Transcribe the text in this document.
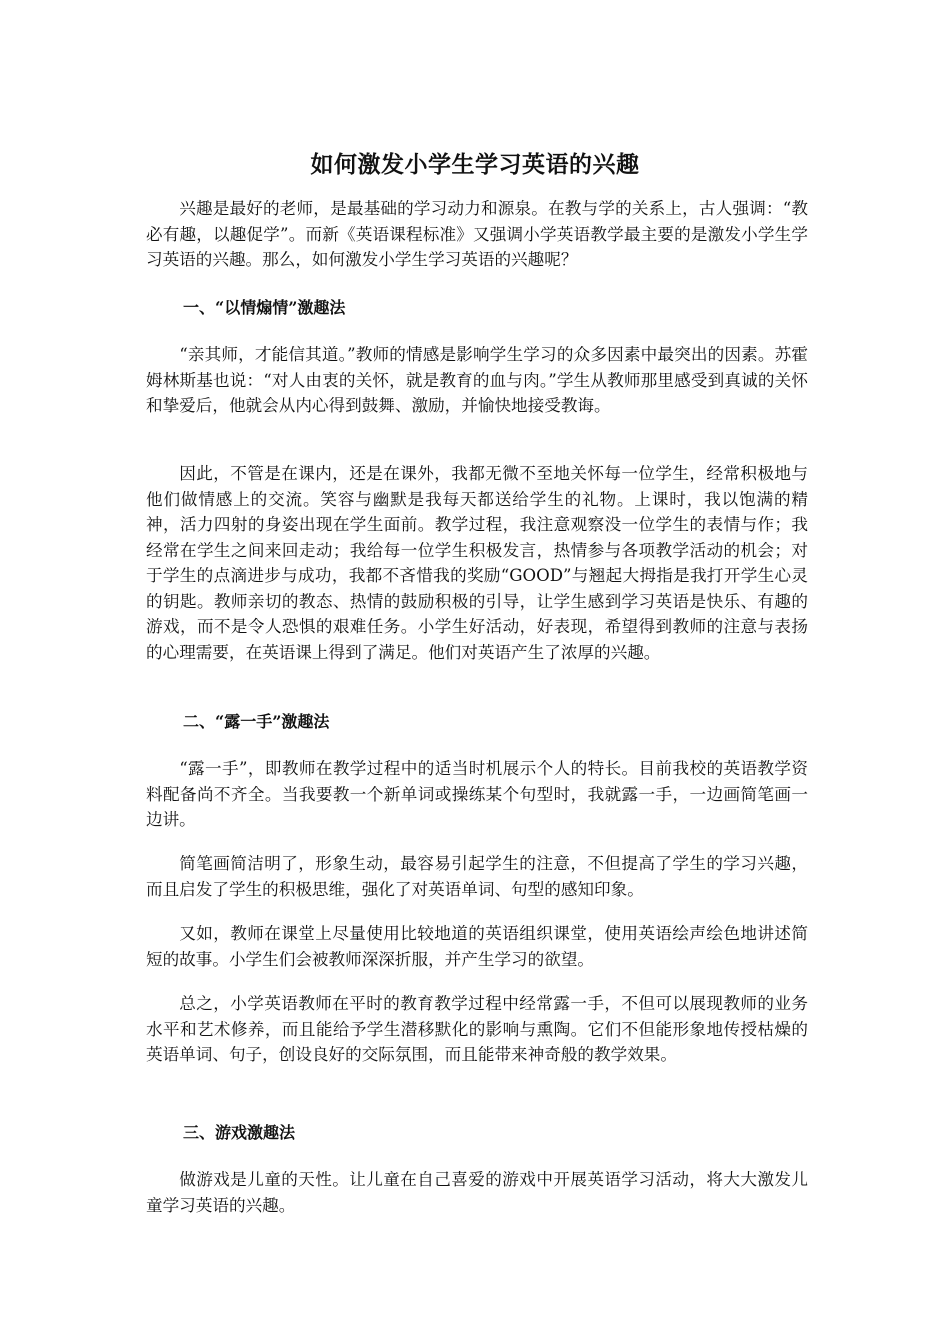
如何激发小学生学习英语的兴趣

兴趣是最好的老师，是最基础的学习动力和源泉。在教与学的关系上，古人强调：“教必有趣，以趣促学”。而新《英语课程标准》又强调小学英语教学最主要的是激发小学生学习英语的兴趣。那么，如何激发小学生学习英语的兴趣呢？

一、“以情煽情”激趣法

“亲其师，才能信其道。”教师的情感是影响学生学习的众多因素中最突出的因素。苏霍姆林斯基也说：“对人由衷的关怀，就是教育的血与肉。”学生从教师那里感受到真诚的关怀和挚爱后，他就会从内心得到鼓舞、激励，并愉快地接受教诲。

因此，不管是在课内，还是在课外，我都无微不至地关怀每一位学生，经常积极地与他们做情感上的交流。笑容与幽默是我每天都送给学生的礼物。上课时，我以饱满的精神，活力四射的身姿出现在学生面前。教学过程，我注意观察没一位学生的表情与作；我经常在学生之间来回走动；我给每一位学生积极发言，热情参与各项教学活动的机会；对于学生的点滴进步与成功，我都不吝惜我的奖励“GOOD”与翘起大拇指是我打开学生心灵的钥匙。教师亲切的教态、热情的鼓励积极的引导，让学生感到学习英语是快乐、有趣的游戏，而不是令人恐惧的艰难任务。小学生好活动，好表现，希望得到教师的注意与表扬的心理需要，在英语课上得到了满足。他们对英语产生了浓厚的兴趣。

二、“露一手”激趣法

“露一手”，即教师在教学过程中的适当时机展示个人的特长。目前我校的英语教学资料配备尚不齐全。当我要教一个新单词或操练某个句型时，我就露一手，一边画简笔画一边讲。

简笔画简洁明了，形象生动，最容易引起学生的注意，不但提高了学生的学习兴趣，而且启发了学生的积极思维，强化了对英语单词、句型的感知印象。

又如，教师在课堂上尽量使用比较地道的英语组织课堂，使用英语绘声绘色地讲述简短的故事。小学生们会被教师深深折服，并产生学习的欲望。

总之，小学英语教师在平时的教育教学过程中经常露一手，不但可以展现教师的业务水平和艺术修养，而且能给予学生潜移默化的影响与熏陶。它们不但能形象地传授枯燥的英语单词、句子，创设良好的交际氛围，而且能带来神奇般的教学效果。

三、游戏激趣法

做游戏是儿童的天性。让儿童在自己喜爱的游戏中开展英语学习活动，将大大激发儿童学习英语的兴趣。
